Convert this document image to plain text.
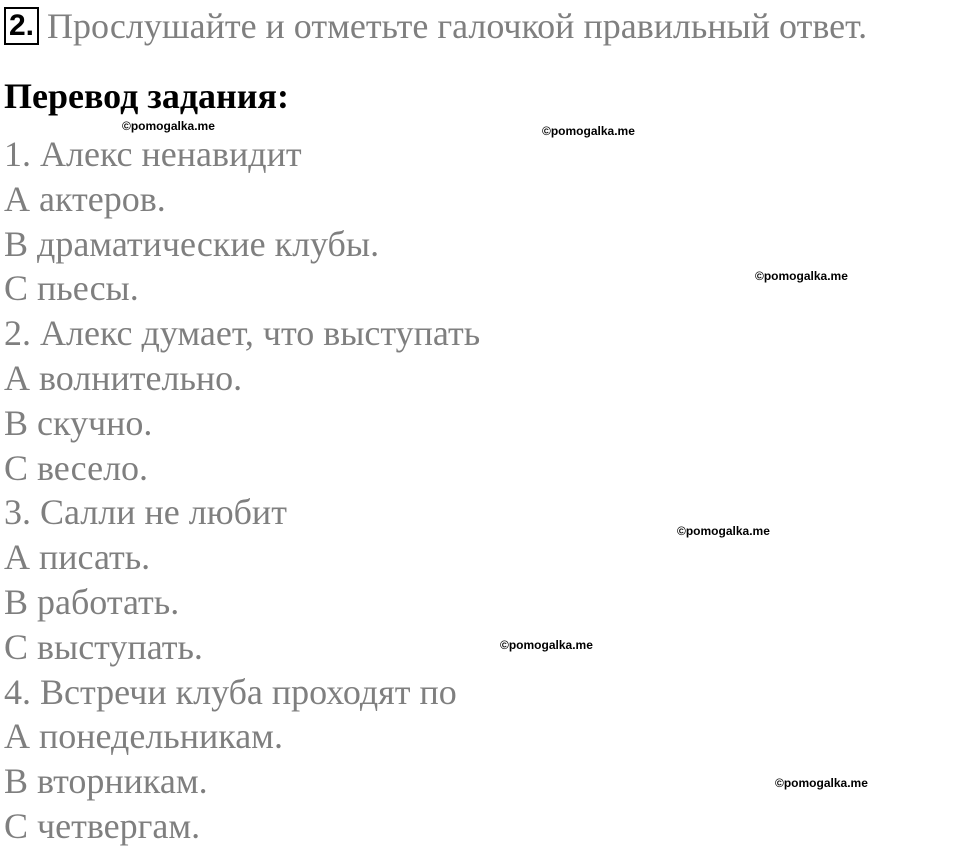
2. Прослушайте и отметьте галочкой правильный ответ.
Перевод задания:
1. Алекс ненавидит
А актеров.
В драматические клубы.
С пьесы.
2. Алекс думает, что выступать
А волнительно.
В скучно.
С весело.
3. Салли не любит
А писать.
В работать.
С выступать.
4. Встречи клуба проходят по
А понедельникам.
В вторникам.
С четвергам.
©pomogalka.me	©pomogalka.me
©pomogalka.me
©pomogalka.me
©pomogalka.me
©pomogalka.me
